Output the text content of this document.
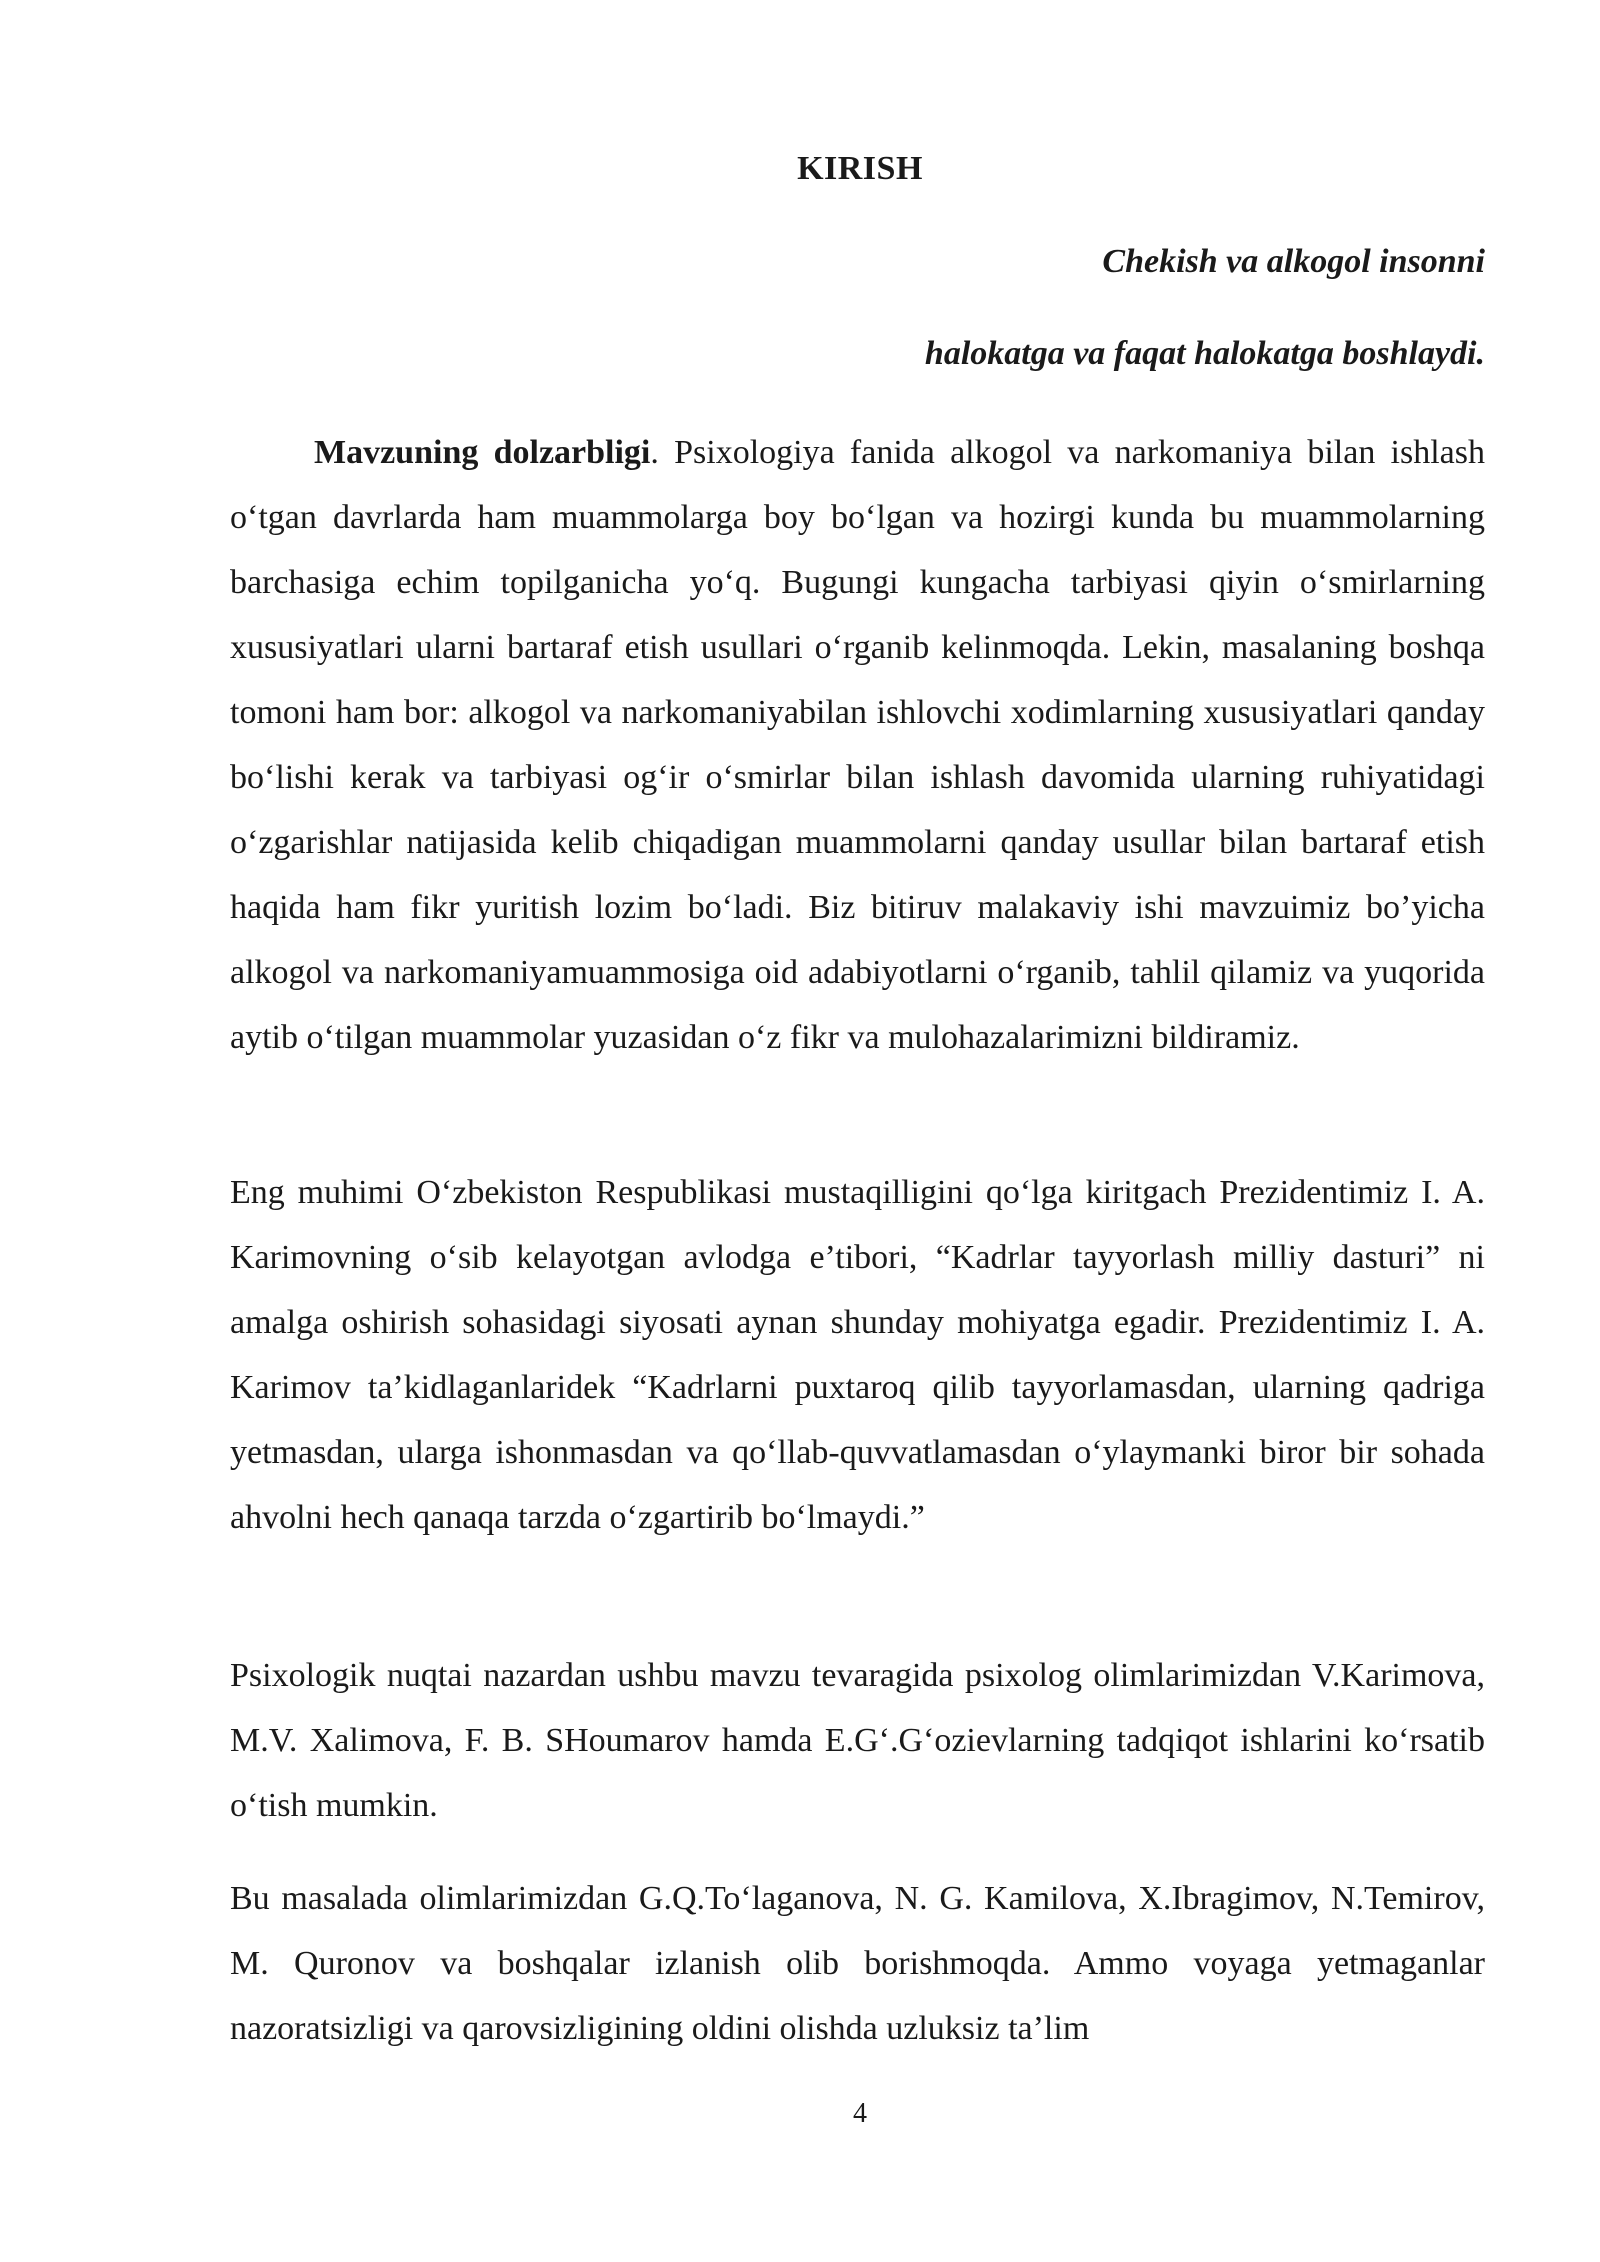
KIRISH
Chekish va alkogol insonni
halokatga va faqat halokatga boshlaydi.

Mavzuning dolzarbligi. Psixologiya fanida alkogol va narkomaniya bilan ishlash o‘tgan davrlarda ham muammolarga boy bo‘lgan va hozirgi kunda bu muammolarning barchasiga echim topilganicha yo‘q. Bugungi kungacha tarbiyasi qiyin o‘smirlarning xususiyatlari ularni bartaraf etish usullari o‘rganib kelinmoqda. Lekin, masalaning boshqa tomoni ham bor: alkogol va narkomaniyabilan ishlovchi xodimlarning xususiyatlari qanday bo‘lishi kerak va tarbiyasi og‘ir o‘smirlar bilan ishlash davomida ularning ruhiyatidagi o‘zgarishlar natijasida kelib chiqadigan muammolarni qanday usullar bilan bartaraf etish haqida ham fikr yuritish lozim bo‘ladi. Biz bitiruv malakaviy ishi mavzuimiz bo’yicha alkogol va narkomaniyamuammosiga oid adabiyotlarni o‘rganib, tahlil qilamiz va yuqorida aytib o‘tilgan muammolar yuzasidan o‘z fikr va mulohazalarimizni bildiramiz.

Eng muhimi O‘zbekiston Respublikasi mustaqilligini qo‘lga kiritgach Prezidentimiz I. A. Karimovning o‘sib kelayotgan avlodga e’tibori, “Kadrlar tayyorlash milliy dasturi” ni amalga oshirish sohasidagi siyosati aynan shunday mohiyatga egadir. Prezidentimiz I. A. Karimov ta’kidlaganlaridek “Kadrlarni puxtaroq qilib tayyorlamasdan, ularning qadriga yetmasdan, ularga ishonmasdan va qo‘llab-quvvatlamasdan o‘ylaymanki biror bir sohada ahvolni hech qanaqa tarzda o‘zgartirib bo‘lmaydi.”

Psixologik nuqtai nazardan ushbu mavzu tevaragida psixolog olimlarimizdan V.Karimova, M.V. Xalimova, F. B. SHoumarov hamda E.G‘.G‘ozievlarning tadqiqot ishlarini ko‘rsatib o‘tish mumkin.

Bu masalada olimlarimizdan G.Q.To‘laganova, N. G. Kamilova, X.Ibragimov, N.Temirov, M. Quronov va boshqalar izlanish olib borishmoqda. Ammo voyaga yetmaganlar nazoratsizligi va qarovsizligining oldini olishda uzluksiz ta’lim

4
